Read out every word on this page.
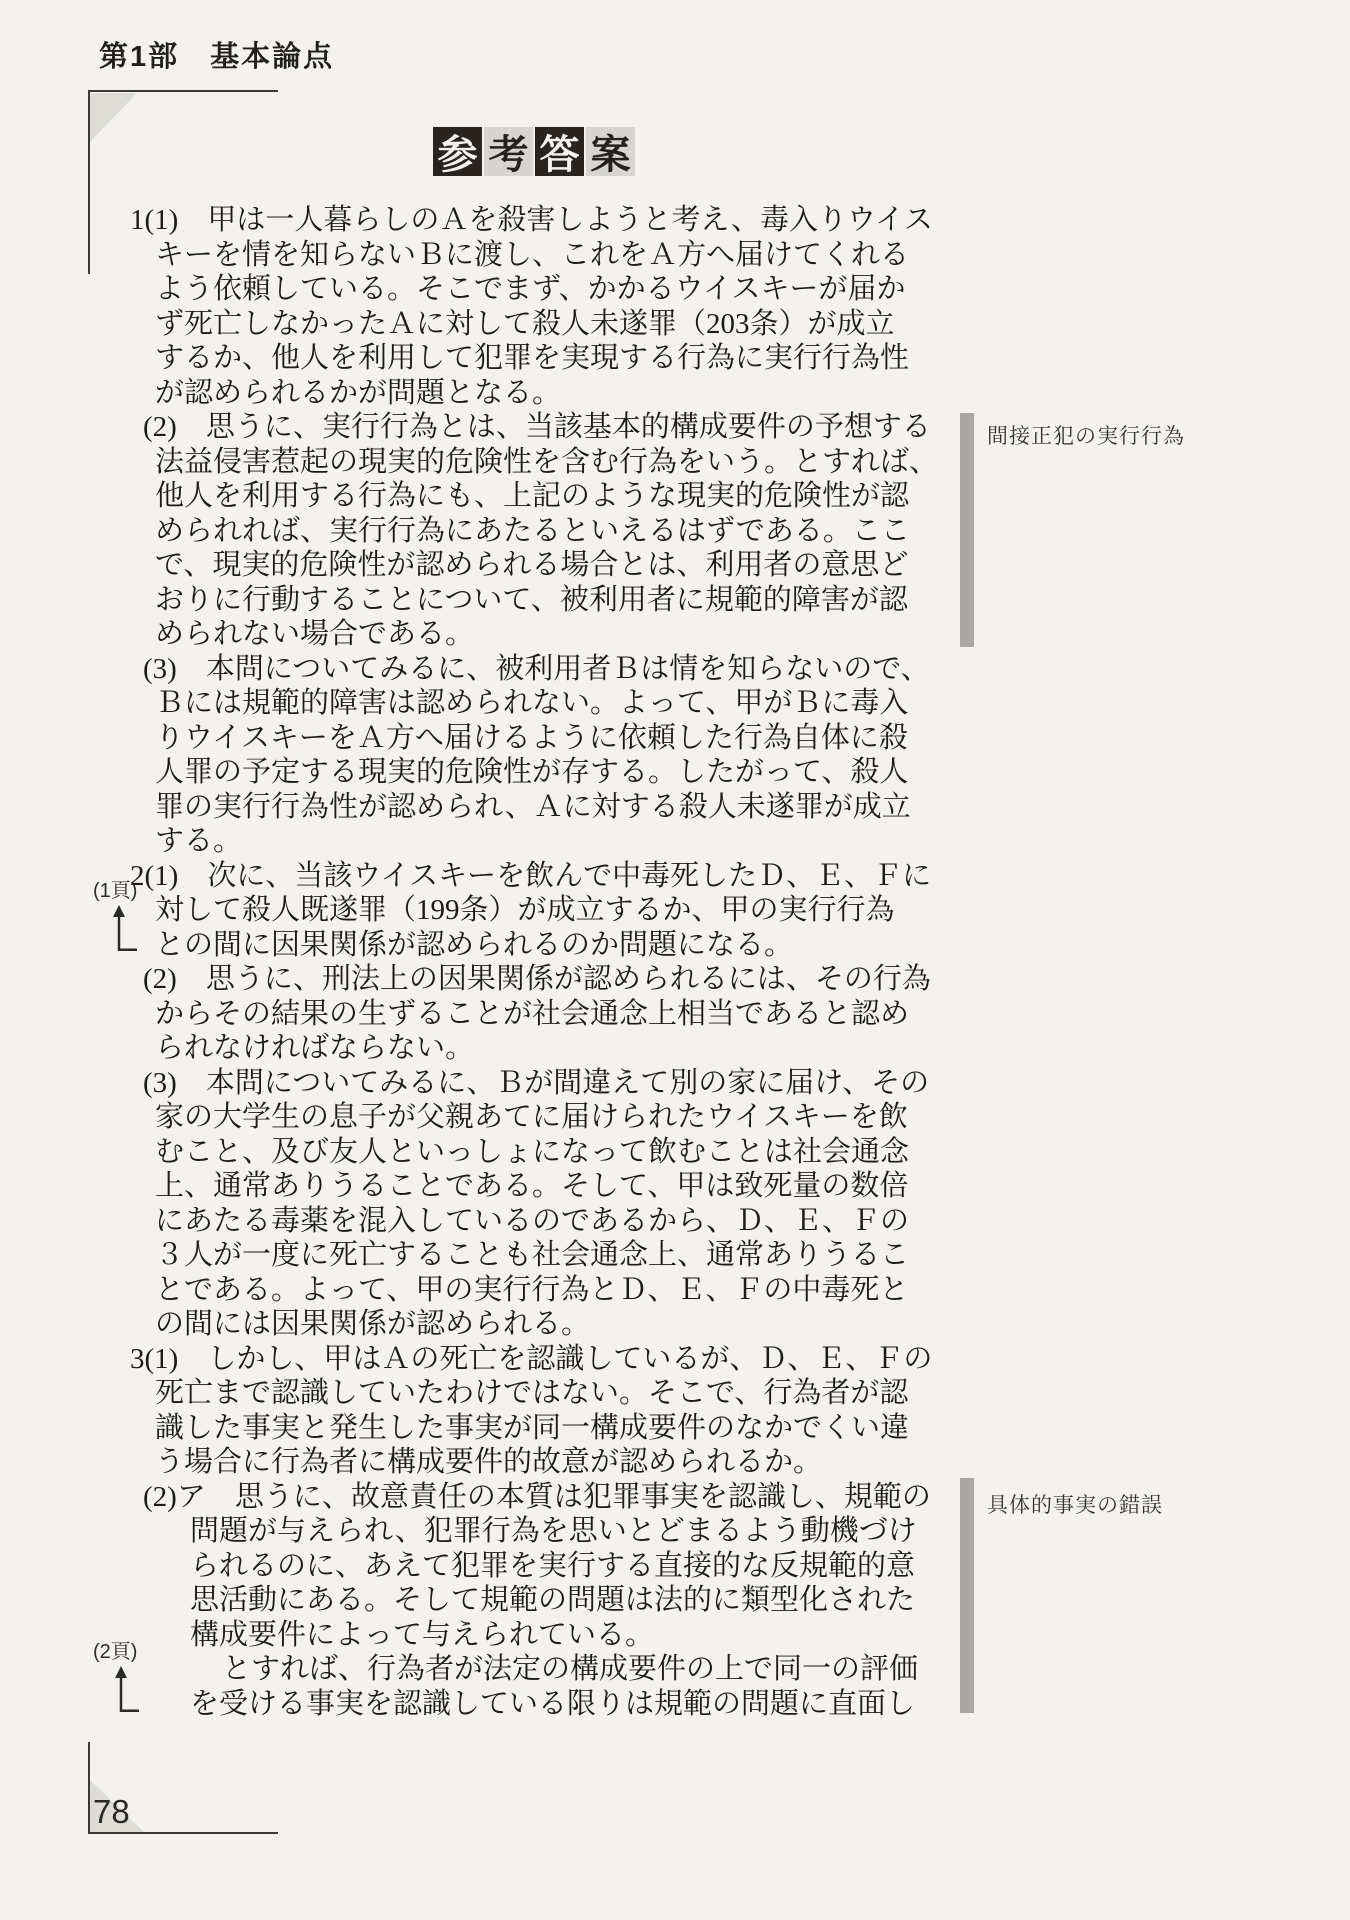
第1部　基本論点
参 考 答 案
1(1)　甲は一人暮らしのＡを殺害しようと考え、毒入りウイス
キーを情を知らないＢに渡し、これをＡ方へ届けてくれる
よう依頼している。そこでまず、かかるウイスキーが届か
ず死亡しなかったＡに対して殺人未遂罪（203条）が成立
するか、他人を利用して犯罪を実現する行為に実行行為性
が認められるかが問題となる。
(2)　思うに、実行行為とは、当該基本的構成要件の予想する
法益侵害惹起の現実的危険性を含む行為をいう。とすれば、
他人を利用する行為にも、上記のような現実的危険性が認
められれば、実行行為にあたるといえるはずである。ここ
で、現実的危険性が認められる場合とは、利用者の意思ど
おりに行動することについて、被利用者に規範的障害が認
められない場合である。
(3)　本問についてみるに、被利用者Ｂは情を知らないので、
Ｂには規範的障害は認められない。よって、甲がＢに毒入
りウイスキーをＡ方へ届けるように依頼した行為自体に殺
人罪の予定する現実的危険性が存する。したがって、殺人
罪の実行行為性が認められ、Ａに対する殺人未遂罪が成立
する。
2(1)　次に、当該ウイスキーを飲んで中毒死したＤ、Ｅ、Ｆに
対して殺人既遂罪（199条）が成立するか、甲の実行行為
との間に因果関係が認められるのか問題になる。
(2)　思うに、刑法上の因果関係が認められるには、その行為
からその結果の生ずることが社会通念上相当であると認め
られなければならない。
(3)　本問についてみるに、Ｂが間違えて別の家に届け、その
家の大学生の息子が父親あてに届けられたウイスキーを飲
むこと、及び友人といっしょになって飲むことは社会通念
上、通常ありうることである。そして、甲は致死量の数倍
にあたる毒薬を混入しているのであるから、Ｄ、Ｅ、Ｆの
３人が一度に死亡することも社会通念上、通常ありうるこ
とである。よって、甲の実行行為とＤ、Ｅ、Ｆの中毒死と
の間には因果関係が認められる。
3(1)　しかし、甲はＡの死亡を認識しているが、Ｄ、Ｅ、Ｆの
死亡まで認識していたわけではない。そこで、行為者が認
識した事実と発生した事実が同一構成要件のなかでくい違
う場合に行為者に構成要件的故意が認められるか。
(2)ア　思うに、故意責任の本質は犯罪事実を認識し、規範の
問題が与えられ、犯罪行為を思いとどまるよう動機づけ
られるのに、あえて犯罪を実行する直接的な反規範的意
思活動にある。そして規範の問題は法的に類型化された
構成要件によって与えられている。
とすれば、行為者が法定の構成要件の上で同一の評価
を受ける事実を認識している限りは規範の問題に直面し
間接正犯の実行行為
具体的事実の錯誤
(1頁)
(2頁)
78
